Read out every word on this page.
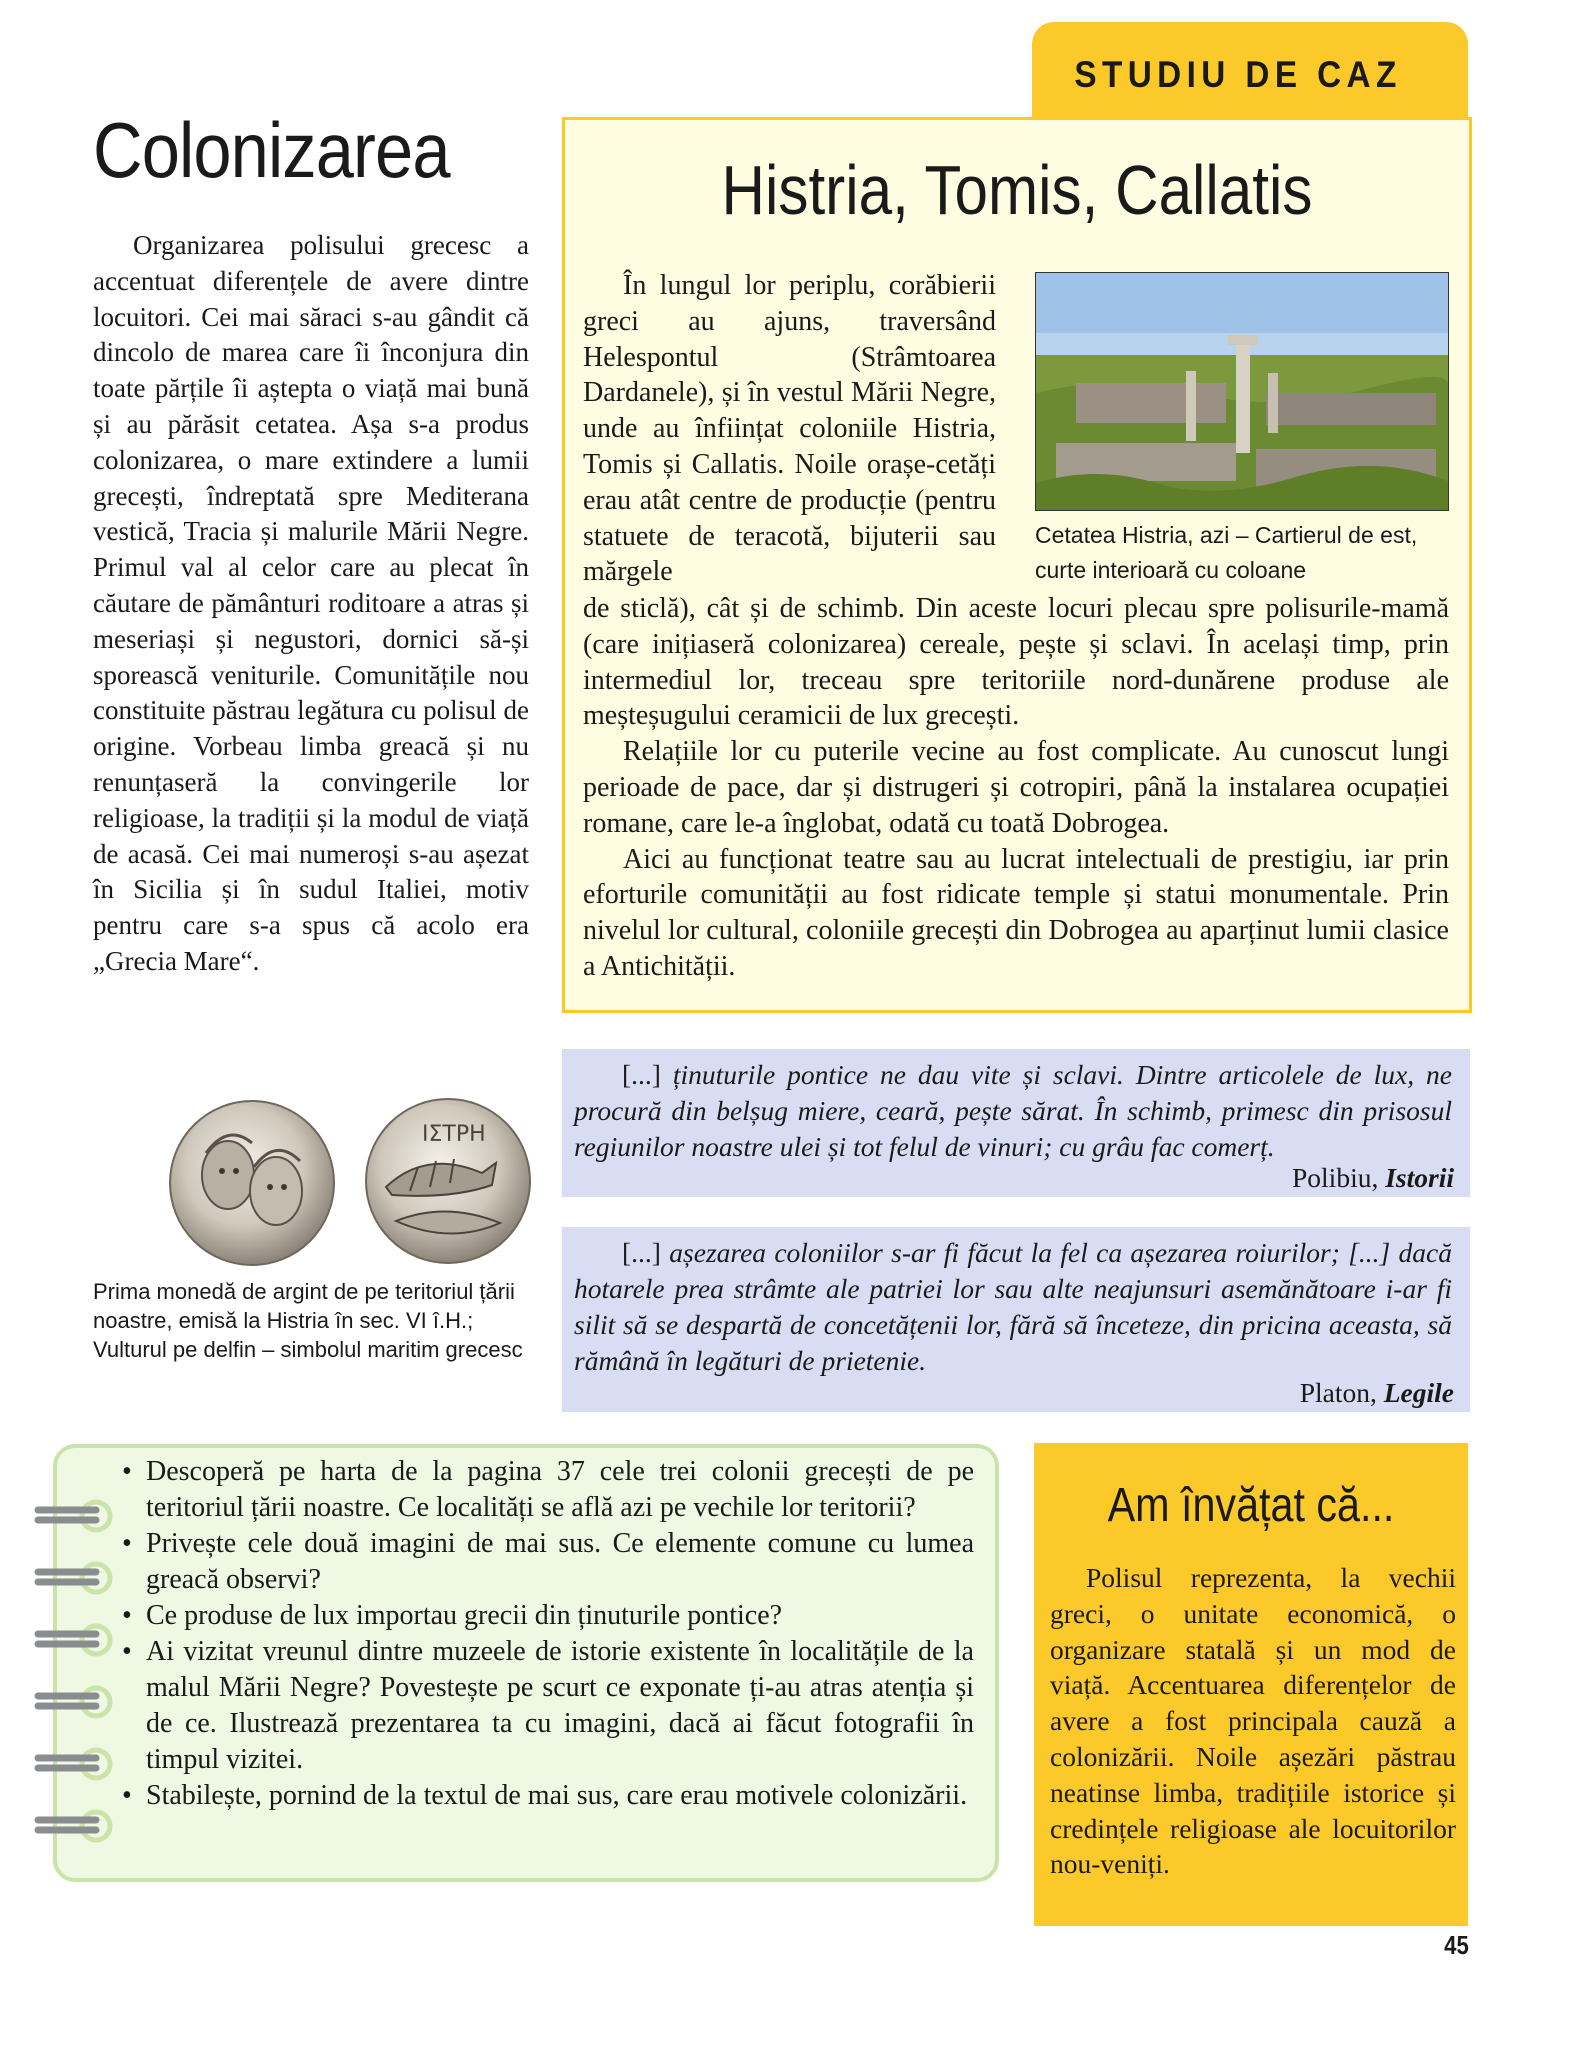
Colonizarea

Organizarea polisului grecesc a accentuat diferențele de avere dintre locuitori. Cei mai săraci s-au gândit că dincolo de marea care îi înconjura din toate părțile îi aștepta o viață mai bună și au părăsit cetatea. Așa s-a produs colonizarea, o mare extindere a lumii grecești, îndreptată spre Mediterana vestică, Tracia și malurile Mării Negre. Primul val al celor care au plecat în căutare de pământuri roditoare a atras și meseriași și negustori, dornici să-și sporească veniturile. Comunitățile nou constituite păstrau legătura cu polisul de origine. Vorbeau limba greacă și nu renunțaseră la convingerile lor religioase, la tradiții și la modul de viață de acasă. Cei mai numeroși s-au așezat în Sicilia și în sudul Italiei, motiv pentru care s-a spus că acolo era „Grecia Mare“.

ΙΣΤΡΗ
Prima monedă de argint de pe teritoriul țării noastre, emisă la Histria în sec. VI î.H.; Vulturul pe delfin – simbolul maritim grecesc
STUDIU DE CAZ
Histria, Tomis, Callatis
Cetatea Histria, azi – Cartierul de est, curte interioară cu coloane

În lungul lor periplu, corăbierii greci au ajuns, traversând Helespontul (Strâmtoarea Dardanele), și în vestul Mării Negre, unde au înființat coloniile Histria, Tomis și Callatis. Noile orașe-cetăți erau atât centre de producție (pentru statuete de teracotă, bijuterii sau mărgele

de sticlă), cât și de schimb. Din aceste locuri plecau spre polisurile-mamă (care inițiaseră colonizarea) cereale, pește și sclavi. În același timp, prin intermediul lor, treceau spre teritoriile nord-dunărene produse ale meșteșugului ceramicii de lux grecești.

Relațiile lor cu puterile vecine au fost complicate. Au cunoscut lungi perioade de pace, dar și distrugeri și cotropiri, până la instalarea ocupației romane, care le-a înglobat, odată cu toată Dobrogea.

Aici au funcționat teatre sau au lucrat intelectuali de prestigiu, iar prin eforturile comunității au fost ridicate temple și statui monumentale. Prin nivelul lor cultural, coloniile grecești din Dobrogea au aparținut lumii clasice a Antichității.

[...] ținuturile pontice ne dau vite și sclavi. Dintre articolele de lux, ne procură din belșug miere, ceară, pește sărat. În schimb, primesc din prisosul regiunilor noastre ulei și tot felul de vinuri; cu grâu fac comerț.
Polibiu, Istorii
[...] așezarea coloniilor s-ar fi făcut la fel ca așezarea roiurilor; [...] dacă hotarele prea strâmte ale patriei lor sau alte neajunsuri asemănătoare i-ar fi silit să se despartă de concetățenii lor, fără să înceteze, din pricina aceasta, să rămână în legături de prietenie.
Platon, Legile
• Descoperă pe harta de la pagina 37 cele trei colonii grecești de pe teritoriul țării noastre. Ce localități se află azi pe vechile lor teritorii?
• Privește cele două imagini de mai sus. Ce elemente comune cu lumea greacă observi?
• Ce produse de lux importau grecii din ținuturile pontice?
• Ai vizitat vreunul dintre muzeele de istorie existente în localitățile de la malul Mării Negre? Povestește pe scurt ce exponate ți-au atras atenția și de ce. Ilustrează prezentarea ta cu imagini, dacă ai făcut fotografii în timpul vizitei.
• Stabilește, pornind de la textul de mai sus, care erau motivele colonizării.
Am învățat că...

Polisul reprezenta, la vechii greci, o unitate economică, o organizare statală și un mod de viață. Accentuarea diferențelor de avere a fost principala cauză a colonizării. Noile așezări păstrau neatinse limba, tradițiile istorice și credințele religioase ale locuitorilor nou-veniți.

45
